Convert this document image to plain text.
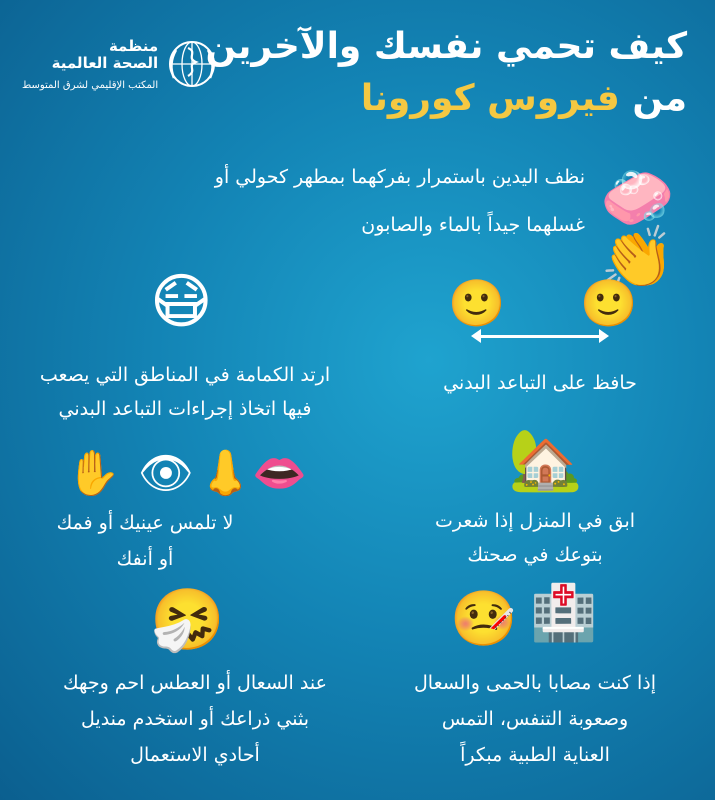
منظمة
الصحة العالمية
المكتب الإقليمي لشرق المتوسط
كيف تحمي نفسك والآخرين
من فيروس كورونا
🧼👏
نظف اليدين باستمرار بفركهما بمطهر كحولي أو
غسلهما جيداً بالماء والصابون
🙂 🙂
حافظ على التباعد البدني
😷
ارتد الكمامة في المناطق التي يصعب
فيها اتخاذ إجراءات التباعد البدني
✋ 👁 👃 👄
لا تلمس عينيك أو فمك
أو أنفك
🏡
ابق في المنزل إذا شعرت
بتوعك في صحتك
🤧
عند السعال أو العطس احم وجهك
بثني ذراعك أو استخدم منديل
أحادي الاستعمال
🤒 🏥
إذا كنت مصابا بالحمى والسعال
وصعوبة التنفس، التمس
العناية الطبية مبكراً
